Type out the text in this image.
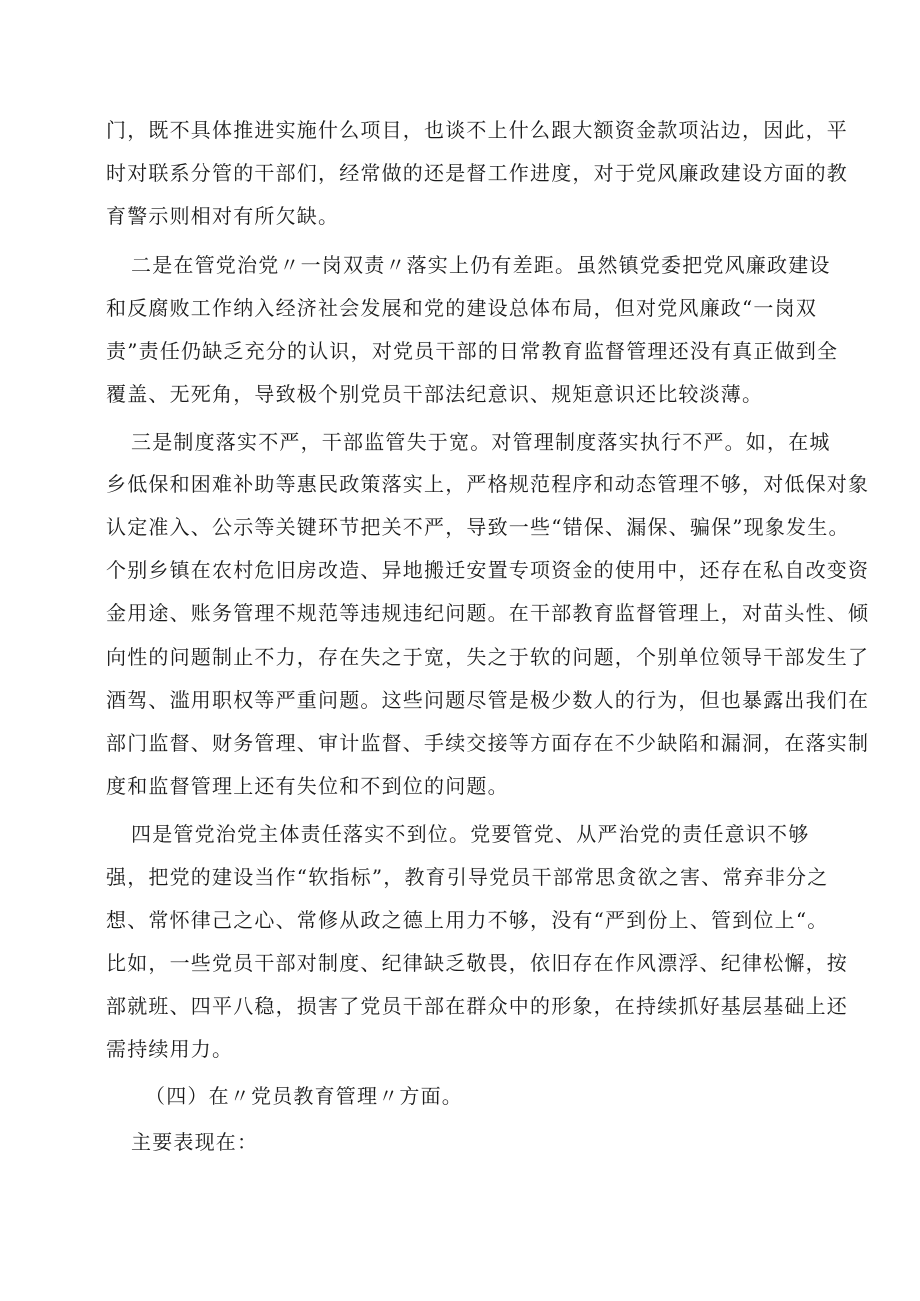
门，既不具体推进实施什么项目，也谈不上什么跟大额资金款项沾边，因此，平
时对联系分管的干部们，经常做的还是督工作进度，对于党风廉政建设方面的教
育警示则相对有所欠缺。
二是在管党治党〃一岗双责〃落实上仍有差距。虽然镇党委把党风廉政建设
和反腐败工作纳入经济社会发展和党的建设总体布局，但对党风廉政“一岗双
责”责任仍缺乏充分的认识，对党员干部的日常教育监督管理还没有真正做到全
覆盖、无死角，导致极个别党员干部法纪意识、规矩意识还比较淡薄。
三是制度落实不严，干部监管失于宽。对管理制度落实执行不严。如，在城
乡低保和困难补助等惠民政策落实上，严格规范程序和动态管理不够，对低保对象
认定准入、公示等关键环节把关不严，导致一些“错保、漏保、骗保”现象发生。
个别乡镇在农村危旧房改造、异地搬迁安置专项资金的使用中，还存在私自改变资
金用途、账务管理不规范等违规违纪问题。在干部教育监督管理上，对苗头性、倾
向性的问题制止不力，存在失之于宽，失之于软的问题，个别单位领导干部发生了
酒驾、滥用职权等严重问题。这些问题尽管是极少数人的行为，但也暴露出我们在
部门监督、财务管理、审计监督、手续交接等方面存在不少缺陷和漏洞，在落实制
度和监督管理上还有失位和不到位的问题。
四是管党治党主体责任落实不到位。党要管党、从严治党的责任意识不够
强，把党的建设当作“软指标”，教育引导党员干部常思贪欲之害、常弃非分之
想、常怀律己之心、常修从政之德上用力不够，没有“严到份上、管到位上“。
比如，一些党员干部对制度、纪律缺乏敬畏，依旧存在作风漂浮、纪律松懈，按
部就班、四平八稳，损害了党员干部在群众中的形象，在持续抓好基层基础上还
需持续用力。
（四）在〃党员教育管理〃方面。
主要表现在：
